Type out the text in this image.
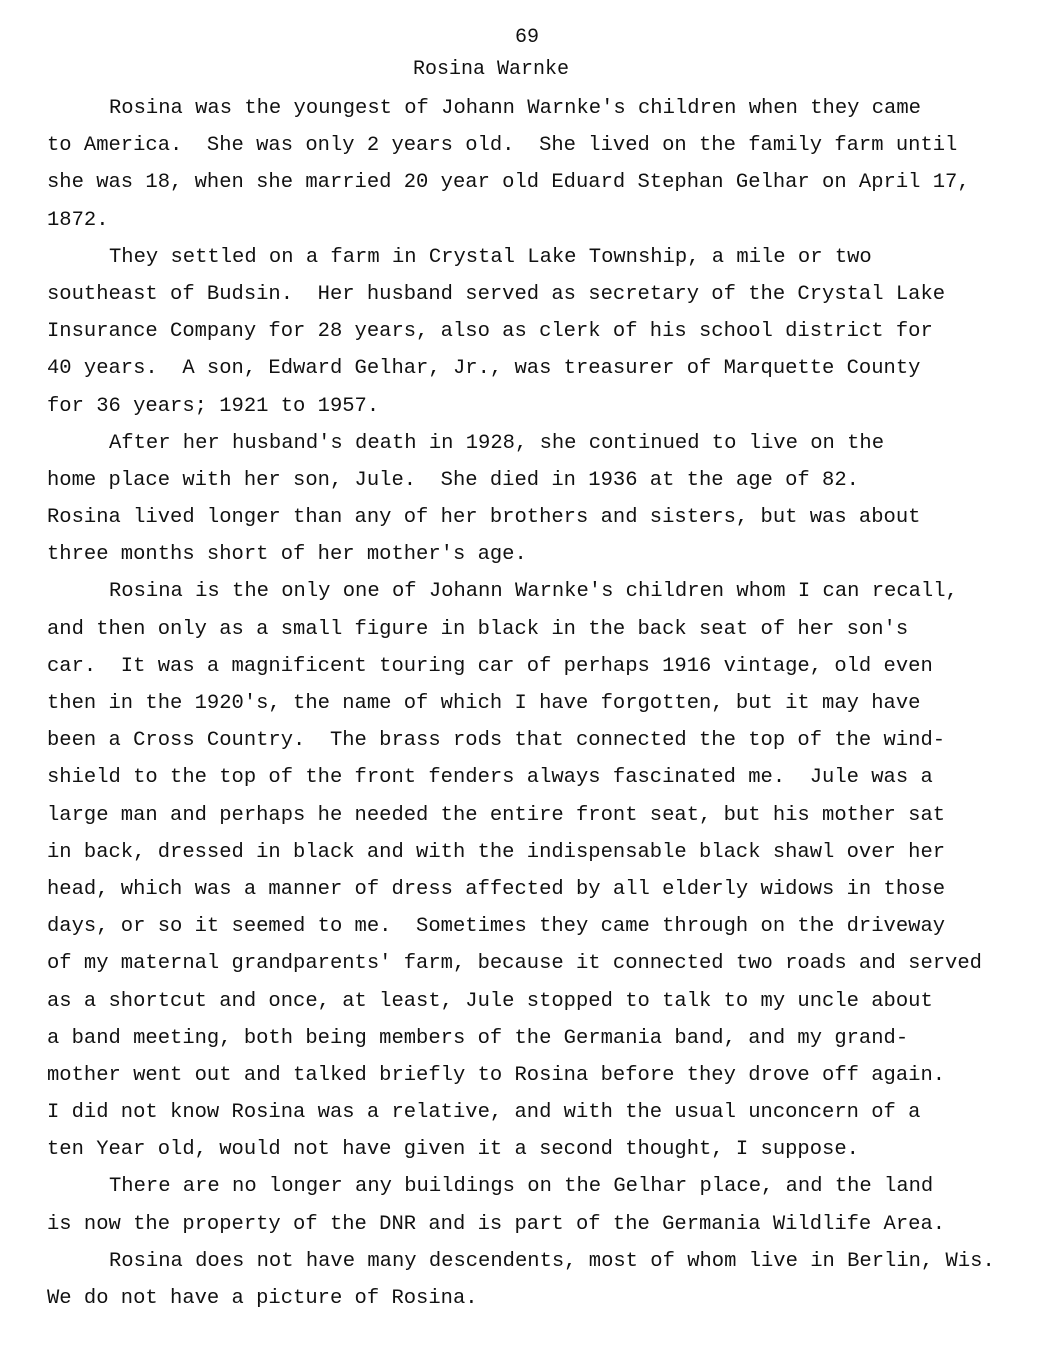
69
Rosina Warnke
Rosina was the youngest of Johann Warnke's children when they came
to America.  She was only 2 years old.  She lived on the family farm until
she was 18, when she married 20 year old Eduard Stephan Gelhar on April 17,
1872.
They settled on a farm in Crystal Lake Township, a mile or two
southeast of Budsin.  Her husband served as secretary of the Crystal Lake
Insurance Company for 28 years, also as clerk of his school district for
40 years.  A son, Edward Gelhar, Jr., was treasurer of Marquette County
for 36 years; 1921 to 1957.
After her husband's death in 1928, she continued to live on the
home place with her son, Jule.  She died in 1936 at the age of 82.
Rosina lived longer than any of her brothers and sisters, but was about
three months short of her mother's age.
Rosina is the only one of Johann Warnke's children whom I can recall,
and then only as a small figure in black in the back seat of her son's
car.  It was a magnificent touring car of perhaps 1916 vintage, old even
then in the 1920's, the name of which I have forgotten, but it may have
been a Cross Country.  The brass rods that connected the top of the wind-
shield to the top of the front fenders always fascinated me.  Jule was a
large man and perhaps he needed the entire front seat, but his mother sat
in back, dressed in black and with the indispensable black shawl over her
head, which was a manner of dress affected by all elderly widows in those
days, or so it seemed to me.  Sometimes they came through on the driveway
of my maternal grandparents' farm, because it connected two roads and served
as a shortcut and once, at least, Jule stopped to talk to my uncle about
a band meeting, both being members of the Germania band, and my grand-
mother went out and talked briefly to Rosina before they drove off again.
I did not know Rosina was a relative, and with the usual unconcern of a
ten Year old, would not have given it a second thought, I suppose.
There are no longer any buildings on the Gelhar place, and the land
is now the property of the DNR and is part of the Germania Wildlife Area.
Rosina does not have many descendents, most of whom live in Berlin, Wis.
We do not have a picture of Rosina.
